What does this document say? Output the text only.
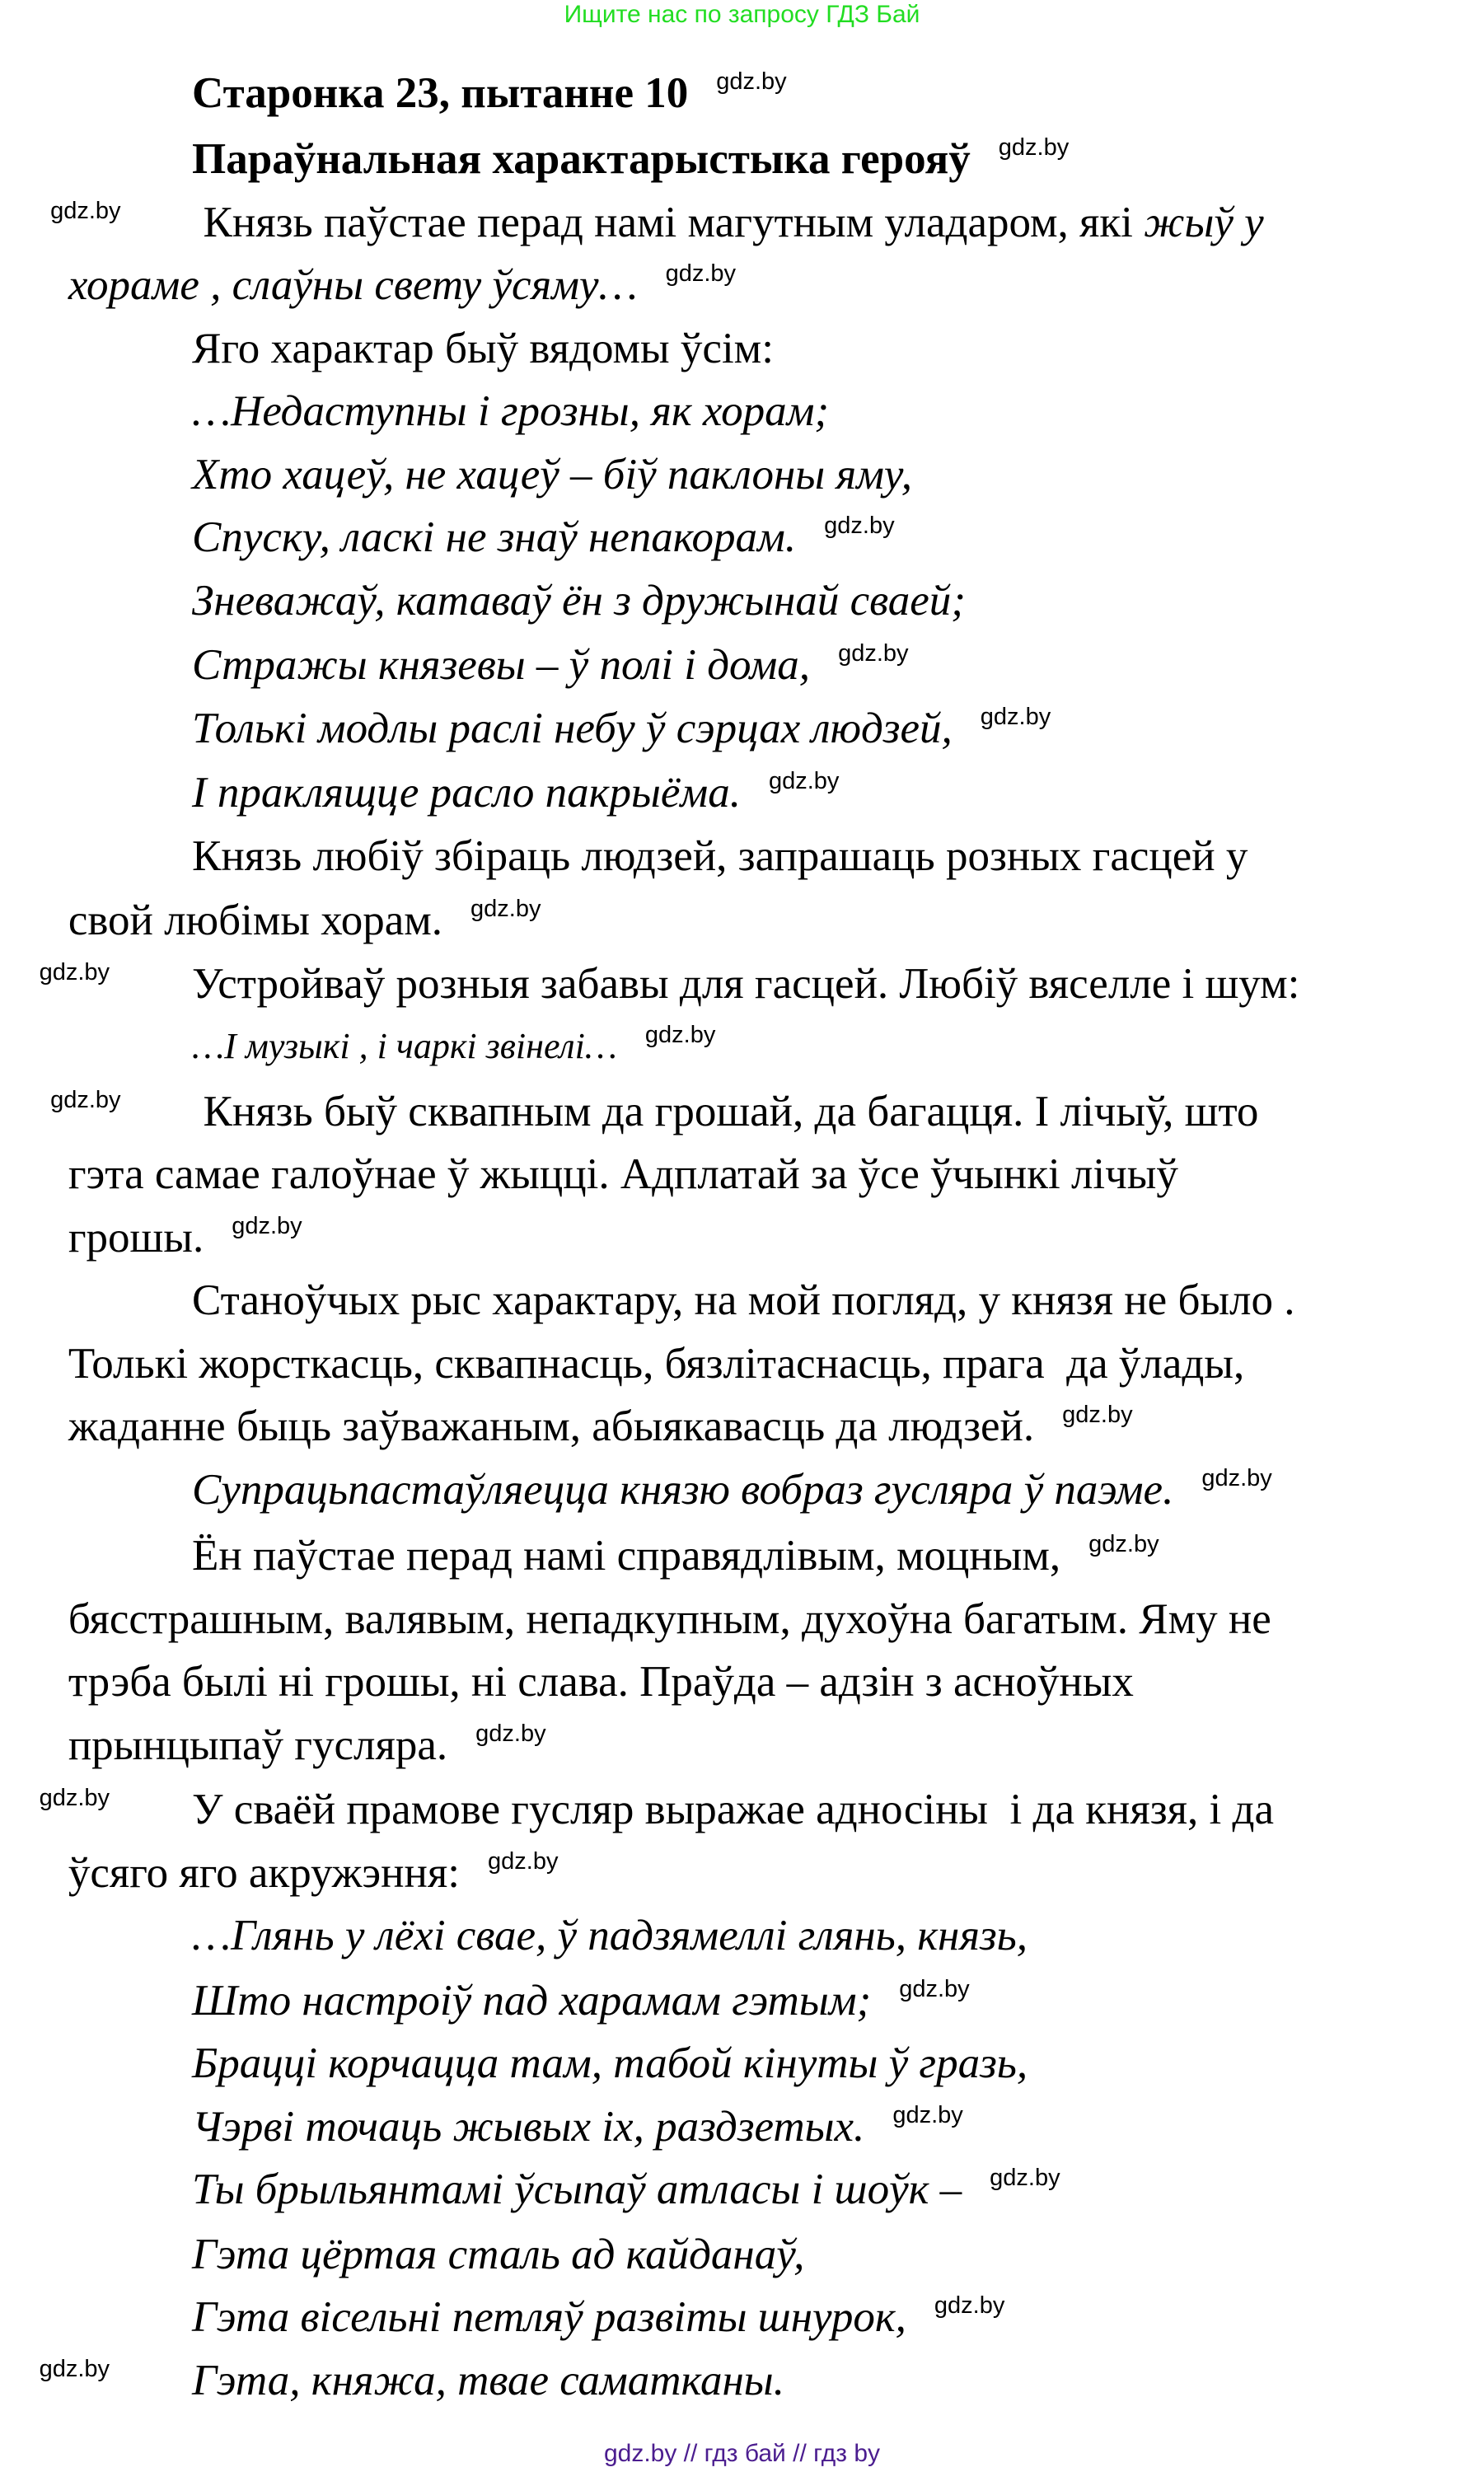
Ищите нас по запросу ГДЗ Бай
Старонка 23, пытанне 10 gdz.by
Параўнальная характарыстыка герояў gdz.by
Князь паўстае перад намі магутным уладаром, які жыў у
gdz.by
хораме , слаўны свету ўсяму… gdz.by
Яго характар быў вядомы ўсім:
…Недаступны і грозны, як хорам;
Хто хацеў, не хацеў – біў паклоны яму,
Спуску, ласкі не знаў непакорам. gdz.by
Зневажаў, катаваў ён з дружынай сваей;
Стражы князевы – ў полі і дома, gdz.by
Толькі модлы раслі небу ў сэрцах людзей, gdz.by
І праклящце расло пакрыёма. gdz.by
Князь любіў збіраць людзей, запрашаць розных гасцей у
свой любімы хорам. gdz.by
Устройваў розныя забавы для гасцей. Любіў вяселле і шум:
gdz.by
…І музыкі , і чаркі звінелі… gdz.by
Князь быў сквапным да грошай, да багацця. І лічыў, што
gdz.by
гэта самае галоўнае ў жыцці. Адплатай за ўсе ўчынкі лічыў
грошы. gdz.by
Станоўчых рыс характару, на мой погляд, у князя не было .
Толькі жорсткасць, сквапнасць, бязлітаснасць, прага  да ўлады,
жаданне быць заўважаным, абыякавасць да людзей. gdz.by
Супрацьпастаўляецца князю вобраз гусляра ў паэме. gdz.by
Ён паўстае перад намі справядлівым, моцным, gdz.by
бясстрашным, валявым, непадкупным, духоўна багатым. Яму не
трэба былі ні грошы, ні слава. Праўда – адзін з асноўных
прынцыпаў гусляра. gdz.by
У сваёй прамове гусляр выражае адносіны  і да князя, і да
gdz.by
ўсяго яго акружэння: gdz.by
…Глянь у лёхі свае, ў падзямеллі глянь, князь,
Што настроіў пад харамам гэтым; gdz.by
Брацці корчацца там, табой кінуты ў гразь,
Чэрві точаць жывых іх, раздзетых. gdz.by
Ты брыльянтамі ўсыпаў атласы і шоўк – gdz.by
Гэта цёртая сталь ад кайданаў,
Гэта вісельні петляў развіты шнурок, gdz.by
Гэта, княжа, твае саматканы.
gdz.by
gdz.by // гдз бай // гдз by
